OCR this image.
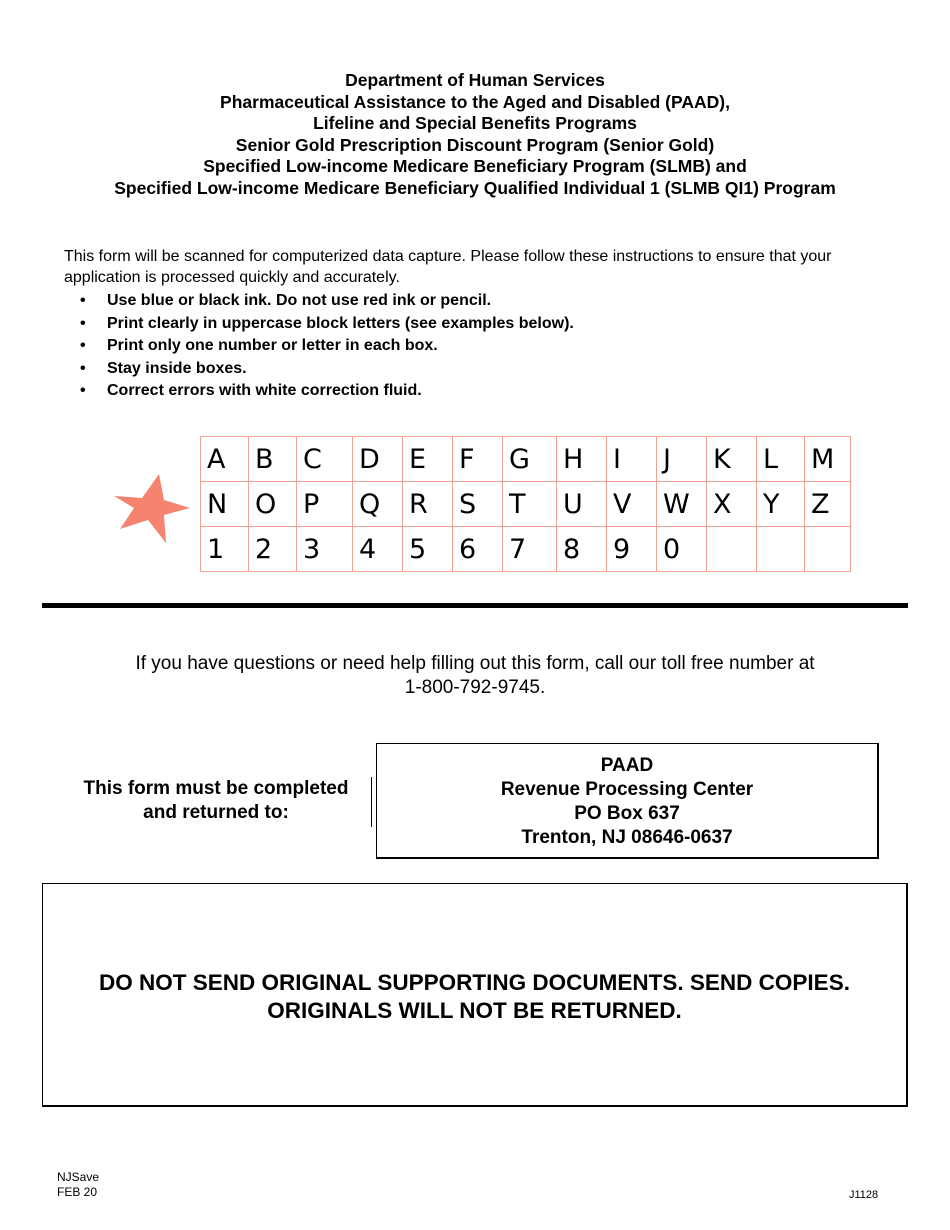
Department of Human Services
Pharmaceutical Assistance to the Aged and Disabled (PAAD),
Lifeline and Special Benefits Programs
Senior Gold Prescription Discount Program (Senior Gold)
Specified Low-income Medicare Beneficiary Program (SLMB) and
Specified Low-income Medicare Beneficiary Qualified Individual 1 (SLMB QI1) Program
This form will be scanned for computerized data capture. Please follow these instructions to ensure that your application is processed quickly and accurately.
• Use blue or black ink. Do not use red ink or pencil.
• Print clearly in uppercase block letters (see examples below).
• Print only one number or letter in each box.
• Stay inside boxes.
• Correct errors with white correction fluid.
A	B	C	D	E	F	G	H	I	J	K	L	M
N	O	P	Q	R	S	T	U	V	W	X	Y	Z
1	2	3	4	5	6	7	8	9	0			
If you have questions or need help filling out this form, call our toll free number at
1-800-792-9745.
This form must be completed
and returned to:
PAAD
Revenue Processing Center
PO Box 637
Trenton, NJ 08646-0637
DO NOT SEND ORIGINAL SUPPORTING DOCUMENTS. SEND COPIES.
ORIGINALS WILL NOT BE RETURNED.
NJSave
FEB 20	J1128
